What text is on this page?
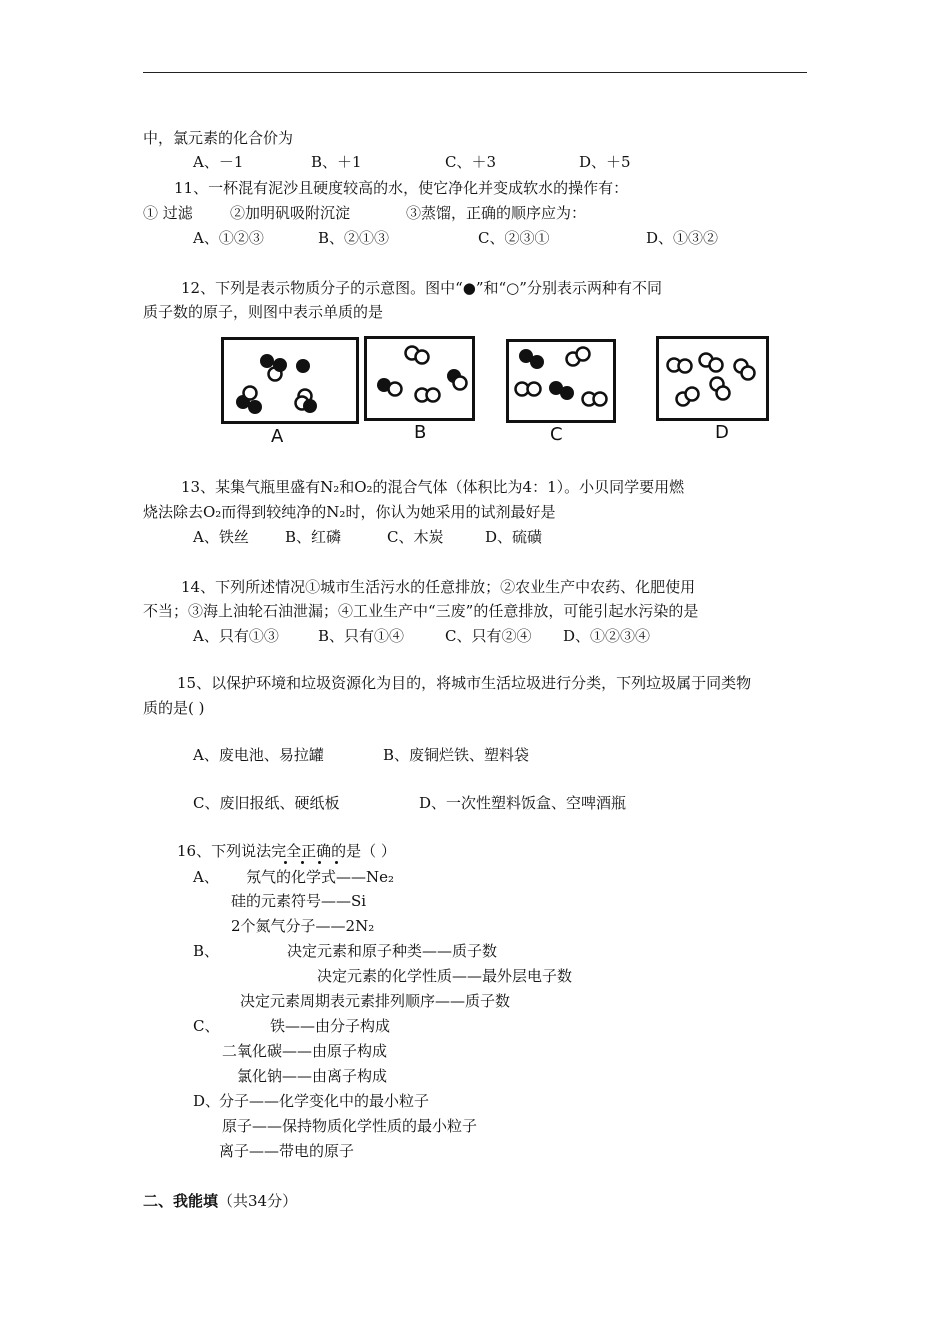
中，氯元素的化合价为
A、－1	B、＋1	C、＋3	D、＋5
11、一杯混有泥沙且硬度较高的水，使它净化并变成软水的操作有：
① 过滤 ②加明矾吸附沉淀	③蒸馏，正确的顺序应为：
A、①②③	B、②①③	C、②③①	D、①③②
12、下列是表示物质分子的示意图。图中“●”和“○”分别表示两种有不同
质子数的原子，则图中表示单质的是
A	B	C	D
13、某集气瓶里盛有N₂和O₂的混合气体（体积比为4：1）。小贝同学要用燃
烧法除去O₂而得到较纯净的N₂时，你认为她采用的试剂最好是
A、铁丝 B、红磷	C、木炭	D、硫磺
14、下列所述情况①城市生活污水的任意排放；②农业生产中农药、化肥使用
不当；③海上油轮石油泄漏；④工业生产中“三废”的任意排放，可能引起水污染的是
A、只有①③	B、只有①④	C、只有②④ D、①②③④
15、以保护环境和垃圾资源化为目的，将城市生活垃圾进行分类，下列垃圾属于同类物
质的是( )
A、废电池、易拉罐	B、废铜烂铁、塑料袋
C、废旧报纸、硬纸板	D、一次性塑料饭盒、空啤酒瓶
16、下列说法完全正确的是（ ）
A、 氖气的化学式——Ne₂
硅的元素符号——Si
2个氮气分子——2N₂
B、	决定元素和原子种类——质子数
决定元素的化学性质——最外层电子数
决定元素周期表元素排列顺序——质子数
C、	铁——由分子构成
二氧化碳——由原子构成
氯化钠——由离子构成
D、
分子——化学变化中的最小粒子
原子——保持物质化学性质的最小粒子
离子——带电的原子
二、我能填（共34分）
